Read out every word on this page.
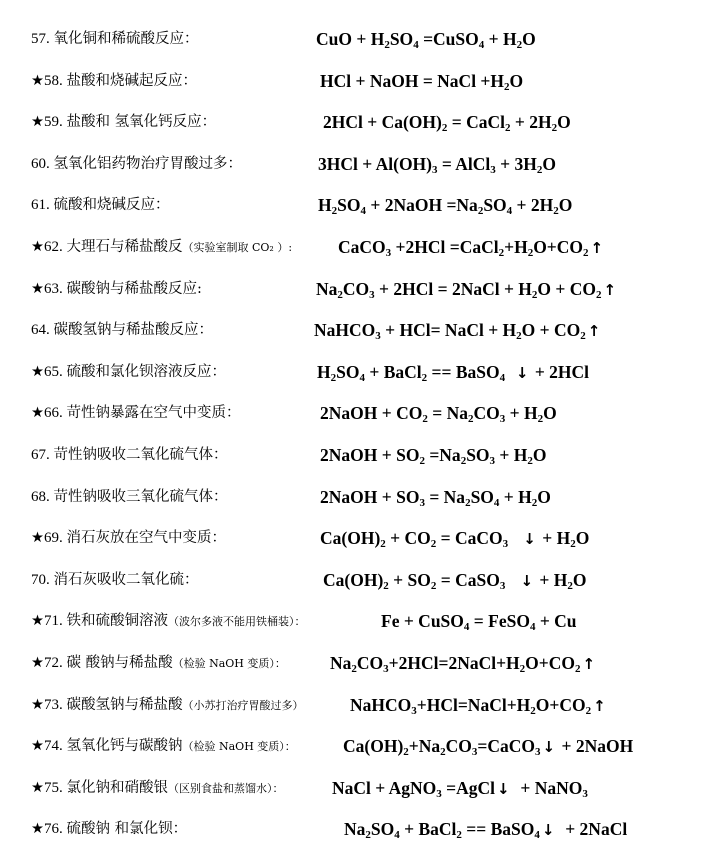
57. 氧化铜和稀硫酸反应：	CuO + $H_2SO_4$ =CuSO$_4$ + $H_2O$
★58. 盐酸和烧碱起反应：	HCl + NaOH = NaCl $+H_2O$
★59. 盐酸和 氢氧化钙反应：	$2HCl + Ca(OH)_2$ = CaCl$_2$ + $2H_2O$
60. 氢氧化铝药物治疗胃酸过多：	$3HCl + Al(OH)_3$ = AlCl$_3$ + $3H_2O$
61. 硫酸和烧碱反应：	$H_2SO_4$ + 2NaOH $=Na_2SO_4 + 2H_2O$
★62. 大理石与稀盐酸反（实验室制取 CO₂ ）:	CaCO$_3$ $+2HCl =CaCl_2+H_2O+CO_2$ ↑
★63. 碳酸钠与稀盐酸反应:	$Na_2CO_3 + 2HCl$ = 2NaCl + $H_2O + CO_2$ ↑
64. 碳酸氢钠与稀盐酸反应：	NaHCO$_3$ + HCl= NaCl + $H_2O + CO_2$ ↑
★65. 硫酸和氯化钡溶液反应：	$H_2SO_4$ + BaCl$_2$ == BaSO$_4$ ↓ + 2HCl
★66. 苛性钠暴露在空气中变质：	2NaOH + $CO_2 = Na_2CO_3 + H_2O$
67. 苛性钠吸收二氧化硫气体：	2NaOH + $SO_2 =Na_2SO_3 + H_2O$
68. 苛性钠吸收三氧化硫气体：	2NaOH + $SO_3 = Na_2SO_4 + H_2O$
★69. 消石灰放在空气中变质：	$Ca(OH)_2 + CO_2$ = CaCO$_3$ ↓ + $H_2O$
70. 消石灰吸收二氧化硫：	$Ca(OH)_2 + SO_2$ = CaSO$_3$ ↓ + $H_2O$
★71. 铁和硫酸铜溶液（波尔多液不能用铁桶装）：	Fe + CuSO$_4$ = FeSO$_4$ + Cu
★72. 碳 酸钠与稀盐酸（检验 NaOH 变质）：	$Na_2CO_3+2HCl=2NaCl+H_2O+CO_2$ ↑
★73. 碳酸氢钠与稀盐酸（小苏打治疗胃酸过多）	$NaHCO_3+HCl=NaCl+H_2O+CO_2$ ↑
★74. 氢氧化钙与碳酸钠（检验 NaOH 变质）：	$Ca(OH)_2+Na_2CO_3=CaCO_3$ ↓ + 2NaOH
★75. 氯化钠和硝酸银（区别食盐和蒸馏水）：	NaCl + AgNO$_3$ =AgCl ↓  + NaNO$_3$
★76. 硫酸钠 和氯化钡：	$Na_2SO_4$ + BaCl$_2$ == BaSO$_4$ ↓  + 2NaCl
